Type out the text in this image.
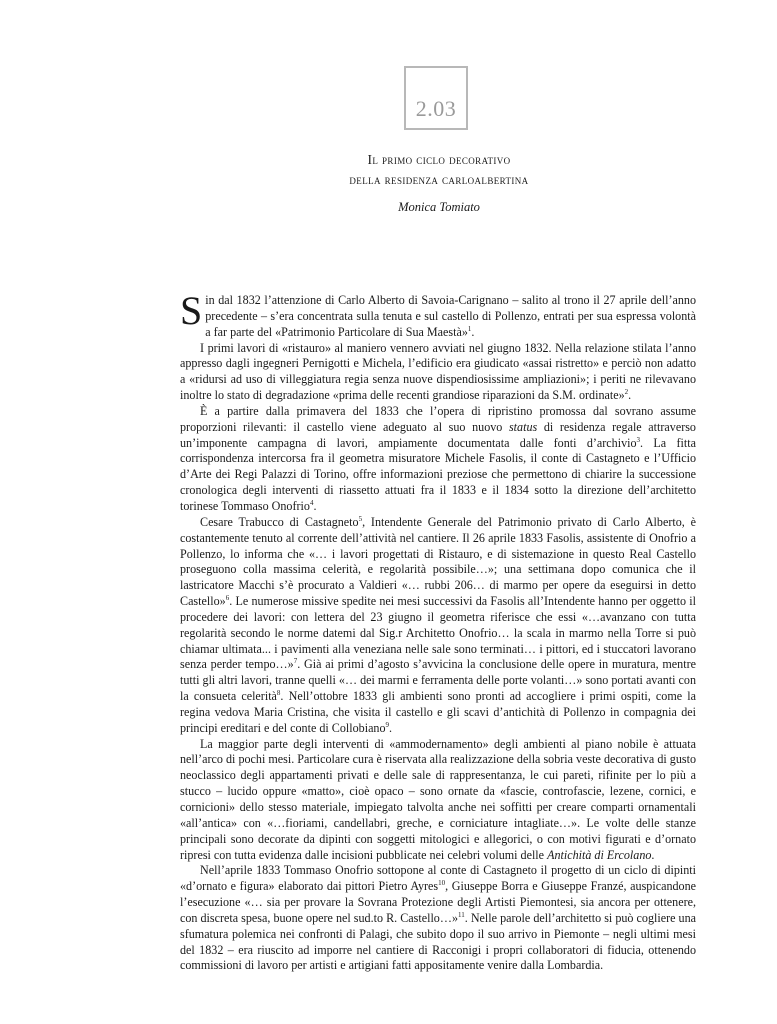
2.03
Il primo ciclo decorativo
della residenza carloalbertina
Monica Tomiato

Sin dal 1832 l’attenzione di Carlo Alberto di Savoia-Carignano – salito al trono il 27 aprile dell’anno precedente – s’era concentrata sulla tenuta e sul castello di Pollenzo, entrati per sua espressa volontà a far parte del «Patrimonio Particolare di Sua Maestà»$^1$.

I primi lavori di «ristauro» al maniero vennero avviati nel giugno 1832. Nella relazione stilata l’anno appresso dagli ingegneri Pernigotti e Michela, l’edificio era giudicato «assai ristretto» e perciò non adatto a «ridursi ad uso di villeggiatura regia senza nuove dispendiosissime ampliazioni»; i periti ne rilevavano inoltre lo stato di degradazione «prima delle recenti grandiose riparazioni da S.M. ordinate»$^2$.

È a partire dalla primavera del 1833 che l’opera di ripristino promossa dal sovrano assume proporzioni rilevanti: il castello viene adeguato al suo nuovo status di residenza regale attraverso un’imponente campagna di lavori, ampiamente documentata dalle fonti d’archivio$^3$. La fitta corrispondenza intercorsa fra il geometra misuratore Michele Fasolis, il conte di Castagneto e l’Ufficio d’Arte dei Regi Palazzi di Torino, offre informazioni preziose che permettono di chiarire la successione cronologica degli interventi di riassetto attuati fra il 1833 e il 1834 sotto la direzione dell’architetto torinese Tommaso Onofrio$^4$.

Cesare Trabucco di Castagneto$^5$, Intendente Generale del Patrimonio privato di Carlo Alberto, è costantemente tenuto al corrente dell’attività nel cantiere. Il 26 aprile 1833 Fasolis, assistente di Onofrio a Pollenzo, lo informa che «… i lavori progettati di Ristauro, e di sistemazione in questo Real Castello proseguono colla massima celerità, e regolarità possibile…»; una settimana dopo comunica che il lastricatore Macchi s’è procurato a Valdieri «… rubbi 206… di marmo per opere da eseguirsi in detto Castello»$^6$. Le numerose missive spedite nei mesi successivi da Fasolis all’Intendente hanno per oggetto il procedere dei lavori: con lettera del 23 giugno il geometra riferisce che essi «…avanzano con tutta regolarità secondo le norme datemi dal Sig.r Architetto Onofrio… la scala in marmo nella Torre si può chiamar ultimata... i pavimenti alla veneziana nelle sale sono terminati… i pittori, ed i stuccatori lavorano senza perder tempo…»$^7$. Già ai primi d’agosto s’avvicina la conclusione delle opere in muratura, mentre tutti gli altri lavori, tranne quelli «… dei marmi e ferramenta delle porte volanti…» sono portati avanti con la consueta celerità$^8$. Nell’ottobre 1833 gli ambienti sono pronti ad accogliere i primi ospiti, come la regina vedova Maria Cristina, che visita il castello e gli scavi d’antichità di Pollenzo in compagnia dei principi ereditari e del conte di Collobiano$^9$.

La maggior parte degli interventi di «ammodernamento» degli ambienti al piano nobile è attuata nell’arco di pochi mesi. Particolare cura è riservata alla realizzazione della sobria veste decorativa di gusto neoclassico degli appartamenti privati e delle sale di rappresentanza, le cui pareti, rifinite per lo più a stucco – lucido oppure «matto», cioè opaco – sono ornate da «fascie, controfascie, lezene, cornici, e cornicioni» dello stesso materiale, impiegato talvolta anche nei soffitti per creare comparti ornamentali «all’antica» con «…fioriami, candellabri, greche, e corniciature intagliate…». Le volte delle stanze principali sono decorate da dipinti con soggetti mitologici e allegorici, o con motivi figurati e d’ornato ripresi con tutta evidenza dalle incisioni pubblicate nei celebri volumi delle Antichità di Ercolano.

Nell’aprile 1833 Tommaso Onofrio sottopone al conte di Castagneto il progetto di un ciclo di dipinti «d’ornato e figura» elaborato dai pittori Pietro Ayres$^{10}$, Giuseppe Borra e Giuseppe Franzé, auspicandone l’esecuzione «… sia per provare la Sovrana Protezione degli Artisti Piemontesi, sia ancora per ottenere, con discreta spesa, buone opere nel sud.to R. Castello…»$^{11}$. Nelle parole dell’architetto si può cogliere una sfumatura polemica nei confronti di Palagi, che subito dopo il suo arrivo in Piemonte – negli ultimi mesi del 1832 – era riuscito ad imporre nel cantiere di Racconigi i propri collaboratori di fiducia, ottenendo commissioni di lavoro per artisti e artigiani fatti appositamente venire dalla Lombardia.
